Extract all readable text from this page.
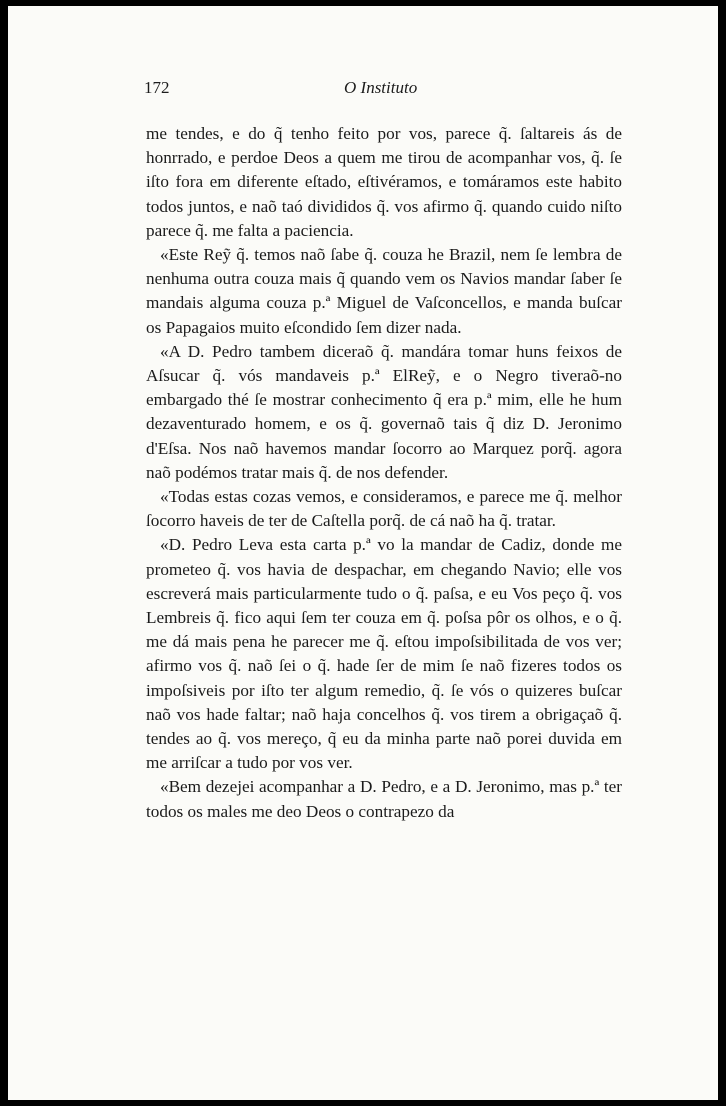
172	O Instituto

me tendes, e do q̃ tenho feito por vos, parece q̃. ſaltareis ás de honrrado, e perdoe Deos a quem me tirou de acompanhar vos, q̃. ſe iſto fora em diferente eſtado, eſtivéramos, e tomáramos este habito todos juntos, e naõ taó divididos q̃. vos afirmo q̃. quando cuido niſto parece q̃. me falta a paciencia.

«Este Reỹ q̃. temos naõ ſabe q̃. couza he Brazil, nem ſe lembra de nenhuma outra couza mais q̃ quando vem os Navios mandar ſaber ſe mandais alguma couza p.ª Miguel de Vaſconcellos, e manda buſcar os Papagaios muito eſcondido ſem dizer nada.

«A D. Pedro tambem diceraõ q̃. mandára tomar huns feixos de Aſsucar q̃. vós mandaveis p.ª ElReỹ, e o Negro tiveraõ-no embargado thé ſe mostrar conhecimento q̃ era p.ª mim, elle he hum dezaventurado homem, e os q̃. governaõ tais q̃ diz D. Jeronimo d'Eſsa. Nos naõ havemos mandar ſocorro ao Marquez porq̃. agora naõ podémos tratar mais q̃. de nos defender.

«Todas estas cozas vemos, e consideramos, e parece me q̃. melhor ſocorro haveis de ter de Caſtella porq̃. de cá naõ ha q̃. tratar.

«D. Pedro Leva esta carta p.ª vo la mandar de Cadiz, donde me prometeo q̃. vos havia de despachar, em chegando Navio; elle vos escreverá mais particularmente tudo o q̃. paſsa, e eu Vos peço q̃. vos Lembreis q̃. fico aqui ſem ter couza em q̃. poſsa pôr os olhos, e o q̃. me dá mais pena he parecer me q̃. eſtou impoſsibilitada de vos ver; afirmo vos q̃. naõ ſei o q̃. hade ſer de mim ſe naõ fizeres todos os impoſsiveis por iſto ter algum remedio, q̃. ſe vós o quizeres buſcar naõ vos hade faltar; naõ haja concelhos q̃. vos tirem a obrigaçaõ q̃. tendes ao q̃. vos mereço, q̃ eu da minha parte naõ porei duvida em me arriſcar a tudo por vos ver.

«Bem dezejei acompanhar a D. Pedro, e a D. Jeronimo, mas p.ª ter todos os males me deo Deos o contrapezo da
